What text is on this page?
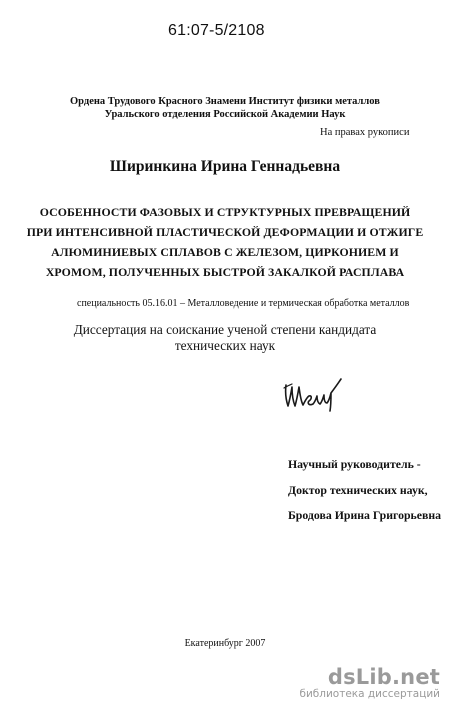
61:07-5/2108
Ордена Трудового Красного Знамени Институт физики металлов
Уральского отделения Российской Академии Наук
На правах рукописи
Ширинкина Ирина Геннадьевна
ОСОБЕННОСТИ ФАЗОВЫХ И СТРУКТУРНЫХ ПРЕВРАЩЕНИЙ
ПРИ ИНТЕНСИВНОЙ ПЛАСТИЧЕСКОЙ ДЕФОРМАЦИИ И ОТЖИГЕ
АЛЮМИНИЕВЫХ СПЛАВОВ С ЖЕЛЕЗОМ, ЦИРКОНИЕМ И
ХРОМОМ, ПОЛУЧЕННЫХ БЫСТРОЙ ЗАКАЛКОЙ РАСПЛАВА
специальность 05.16.01 – Металловедение и термическая обработка металлов
Диссертация на соискание ученой степени кандидата
технических наук
Научный руководитель -
Доктор технических наук,
Бродова Ирина Григорьевна
Екатеринбург 2007
dsLib.net
библиотека диссертаций
